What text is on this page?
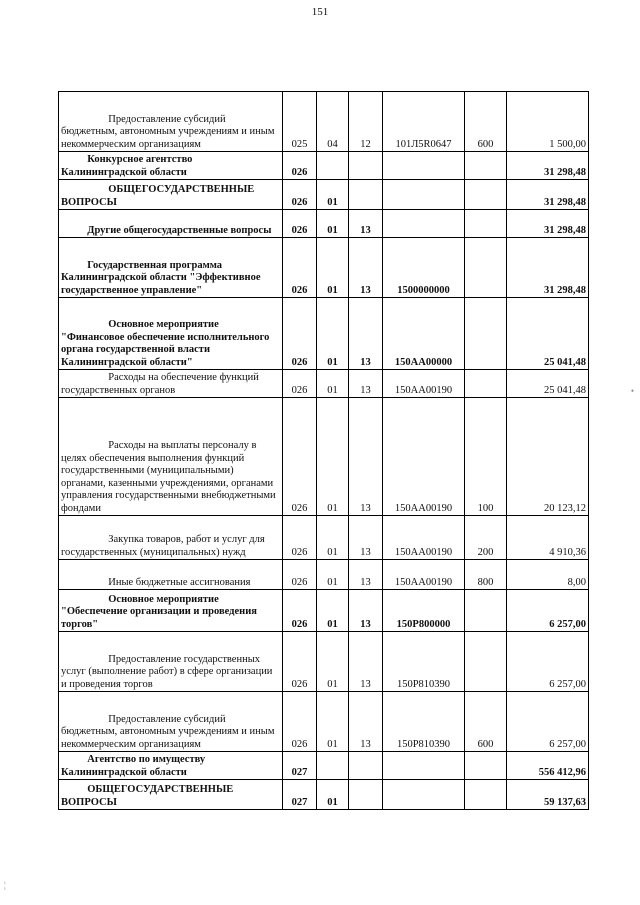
151
Предоставление субсидий бюджетным, автономным учреждениям и иным некоммерческим организациям	025	04	12	101Л5R0647	600	1 500,00

Конкурсное агентство Калининградской области	026					31 298,48

ОБЩЕГОСУДАРСТВЕННЫЕ ВОПРОСЫ	026	01				31 298,48

Другие общегосударственные вопросы	026	01	13			31 298,48

Государственная программа Калининградской области "Эффективное государственное управление"	026	01	13	1500000000		31 298,48

Основное мероприятие "Финансовое обеспечение исполнительного органа государственной власти Калининградской области"	026	01	13	150АА00000		25 041,48

Расходы на обеспечение функций государственных органов	026	01	13	150АА00190		25 041,48

Расходы на выплаты персоналу в целях обеспечения выполнения функций государственными (муниципальными) органами, казенными учреждениями, органами управления государственными внебюджетными фондами	026	01	13	150АА00190	100	20 123,12

Закупка товаров, работ и услуг для государственных (муниципальных) нужд	026	01	13	150АА00190	200	4 910,36

Иные бюджетные ассигнования	026	01	13	150АА00190	800	8,00

Основное мероприятие "Обеспечение организации и проведения торгов"	026	01	13	150Р800000		6 257,00

Предоставление государственных услуг (выполнение работ) в сфере организации и проведения торгов	026	01	13	150Р810390		6 257,00

Предоставление субсидий бюджетным, автономным учреждениям и иным некоммерческим организациям	026	01	13	150Р810390	600	6 257,00

Агентство по имуществу Калининградской области	027					556 412,96

ОБЩЕГОСУДАРСТВЕННЫЕ ВОПРОСЫ	027	01				59 137,63
•
¦
